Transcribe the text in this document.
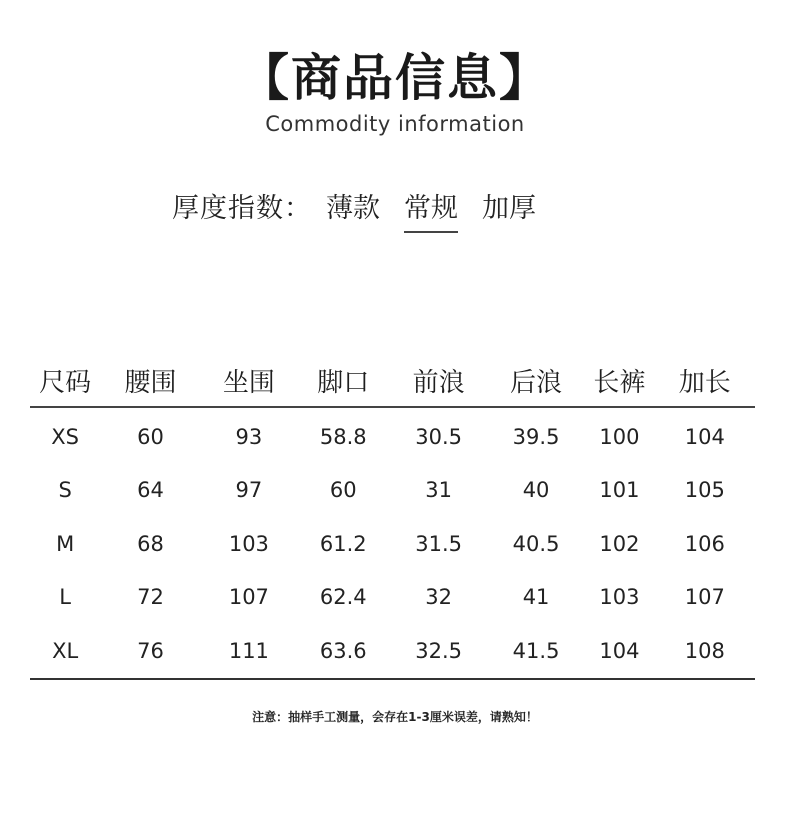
【商品信息】
Commodity information
厚度指数： 薄款 常规 加厚
尺码	腰围	坐围	脚口	前浪	后浪	长裤	加长
XS	60	93	58.8	30.5	39.5	100	104
S	64	97	60	31	40	101	105
M	68	103	61.2	31.5	40.5	102	106
L	72	107	62.4	32	41	103	107
XL	76	111	63.6	32.5	41.5	104	108
注意：抽样手工测量，会存在1-3厘米误差，请熟知！
